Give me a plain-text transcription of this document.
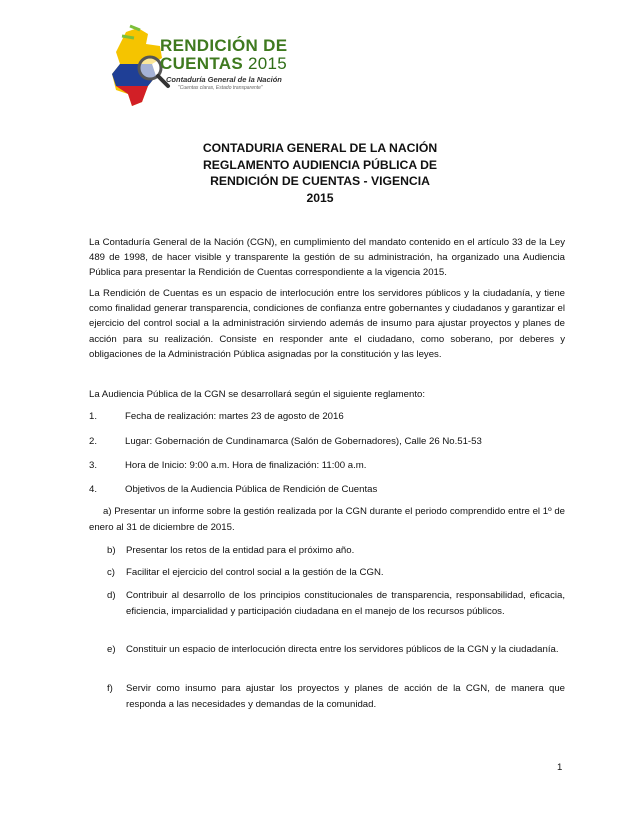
RENDICIÓN DE
CUENTAS 2015
Contaduría General de la Nación
"Cuentas claras, Estado transparente"
CONTADURIA GENERAL DE LA NACIÓN
REGLAMENTO AUDIENCIA PÚBLICA DE
RENDICIÓN DE CUENTAS - VIGENCIA
2015

La Contaduría General de la Nación (CGN), en cumplimiento del mandato contenido en el artículo 33 de la Ley 489 de 1998, de hacer visible y transparente la gestión de su administración, ha organizado una Audiencia Pública para presentar la Rendición de Cuentas correspondiente a la vigencia 2015.

La Rendición de Cuentas es un espacio de interlocución entre los servidores públicos y la ciudadanía, y tiene como finalidad generar transparencia, condiciones de confianza entre gobernantes y ciudadanos y garantizar el ejercicio del control social a la administración sirviendo además de insumo para ajustar proyectos y planes de acción para su realización. Consiste en responder ante el ciudadano, como soberano, por deberes y obligaciones de la Administración Pública asignadas por la constitución y las leyes.

La Audiencia Pública de la CGN se desarrollará según el siguiente reglamento:

1.	Fecha de realización: martes 23 de agosto de 2016
2.	Lugar: Gobernación de Cundinamarca (Salón de Gobernadores), Calle 26 No.51-53
3.	Hora de Inicio: 9:00 a.m. Hora de finalización: 11:00 a.m.
4.	Objetivos de la Audiencia Pública de Rendición de Cuentas
a) Presentar un informe sobre la gestión realizada por la CGN durante el periodo comprendido entre el 1º de enero al 31 de diciembre de 2015.
b)	Presentar los retos de la entidad para el próximo año.
c)	Facilitar el ejercicio del control social a la gestión de la CGN.
d)	Contribuir al desarrollo de los principios constitucionales de transparencia, responsabilidad, eficacia, eficiencia, imparcialidad y participación ciudadana en el manejo de los recursos públicos.
e)	Constituir un espacio de interlocución directa entre los servidores públicos de la CGN y la ciudadanía.
f)	Servir como insumo para ajustar los proyectos y planes de acción de la CGN, de manera que responda a las necesidades y demandas de la comunidad.
1
